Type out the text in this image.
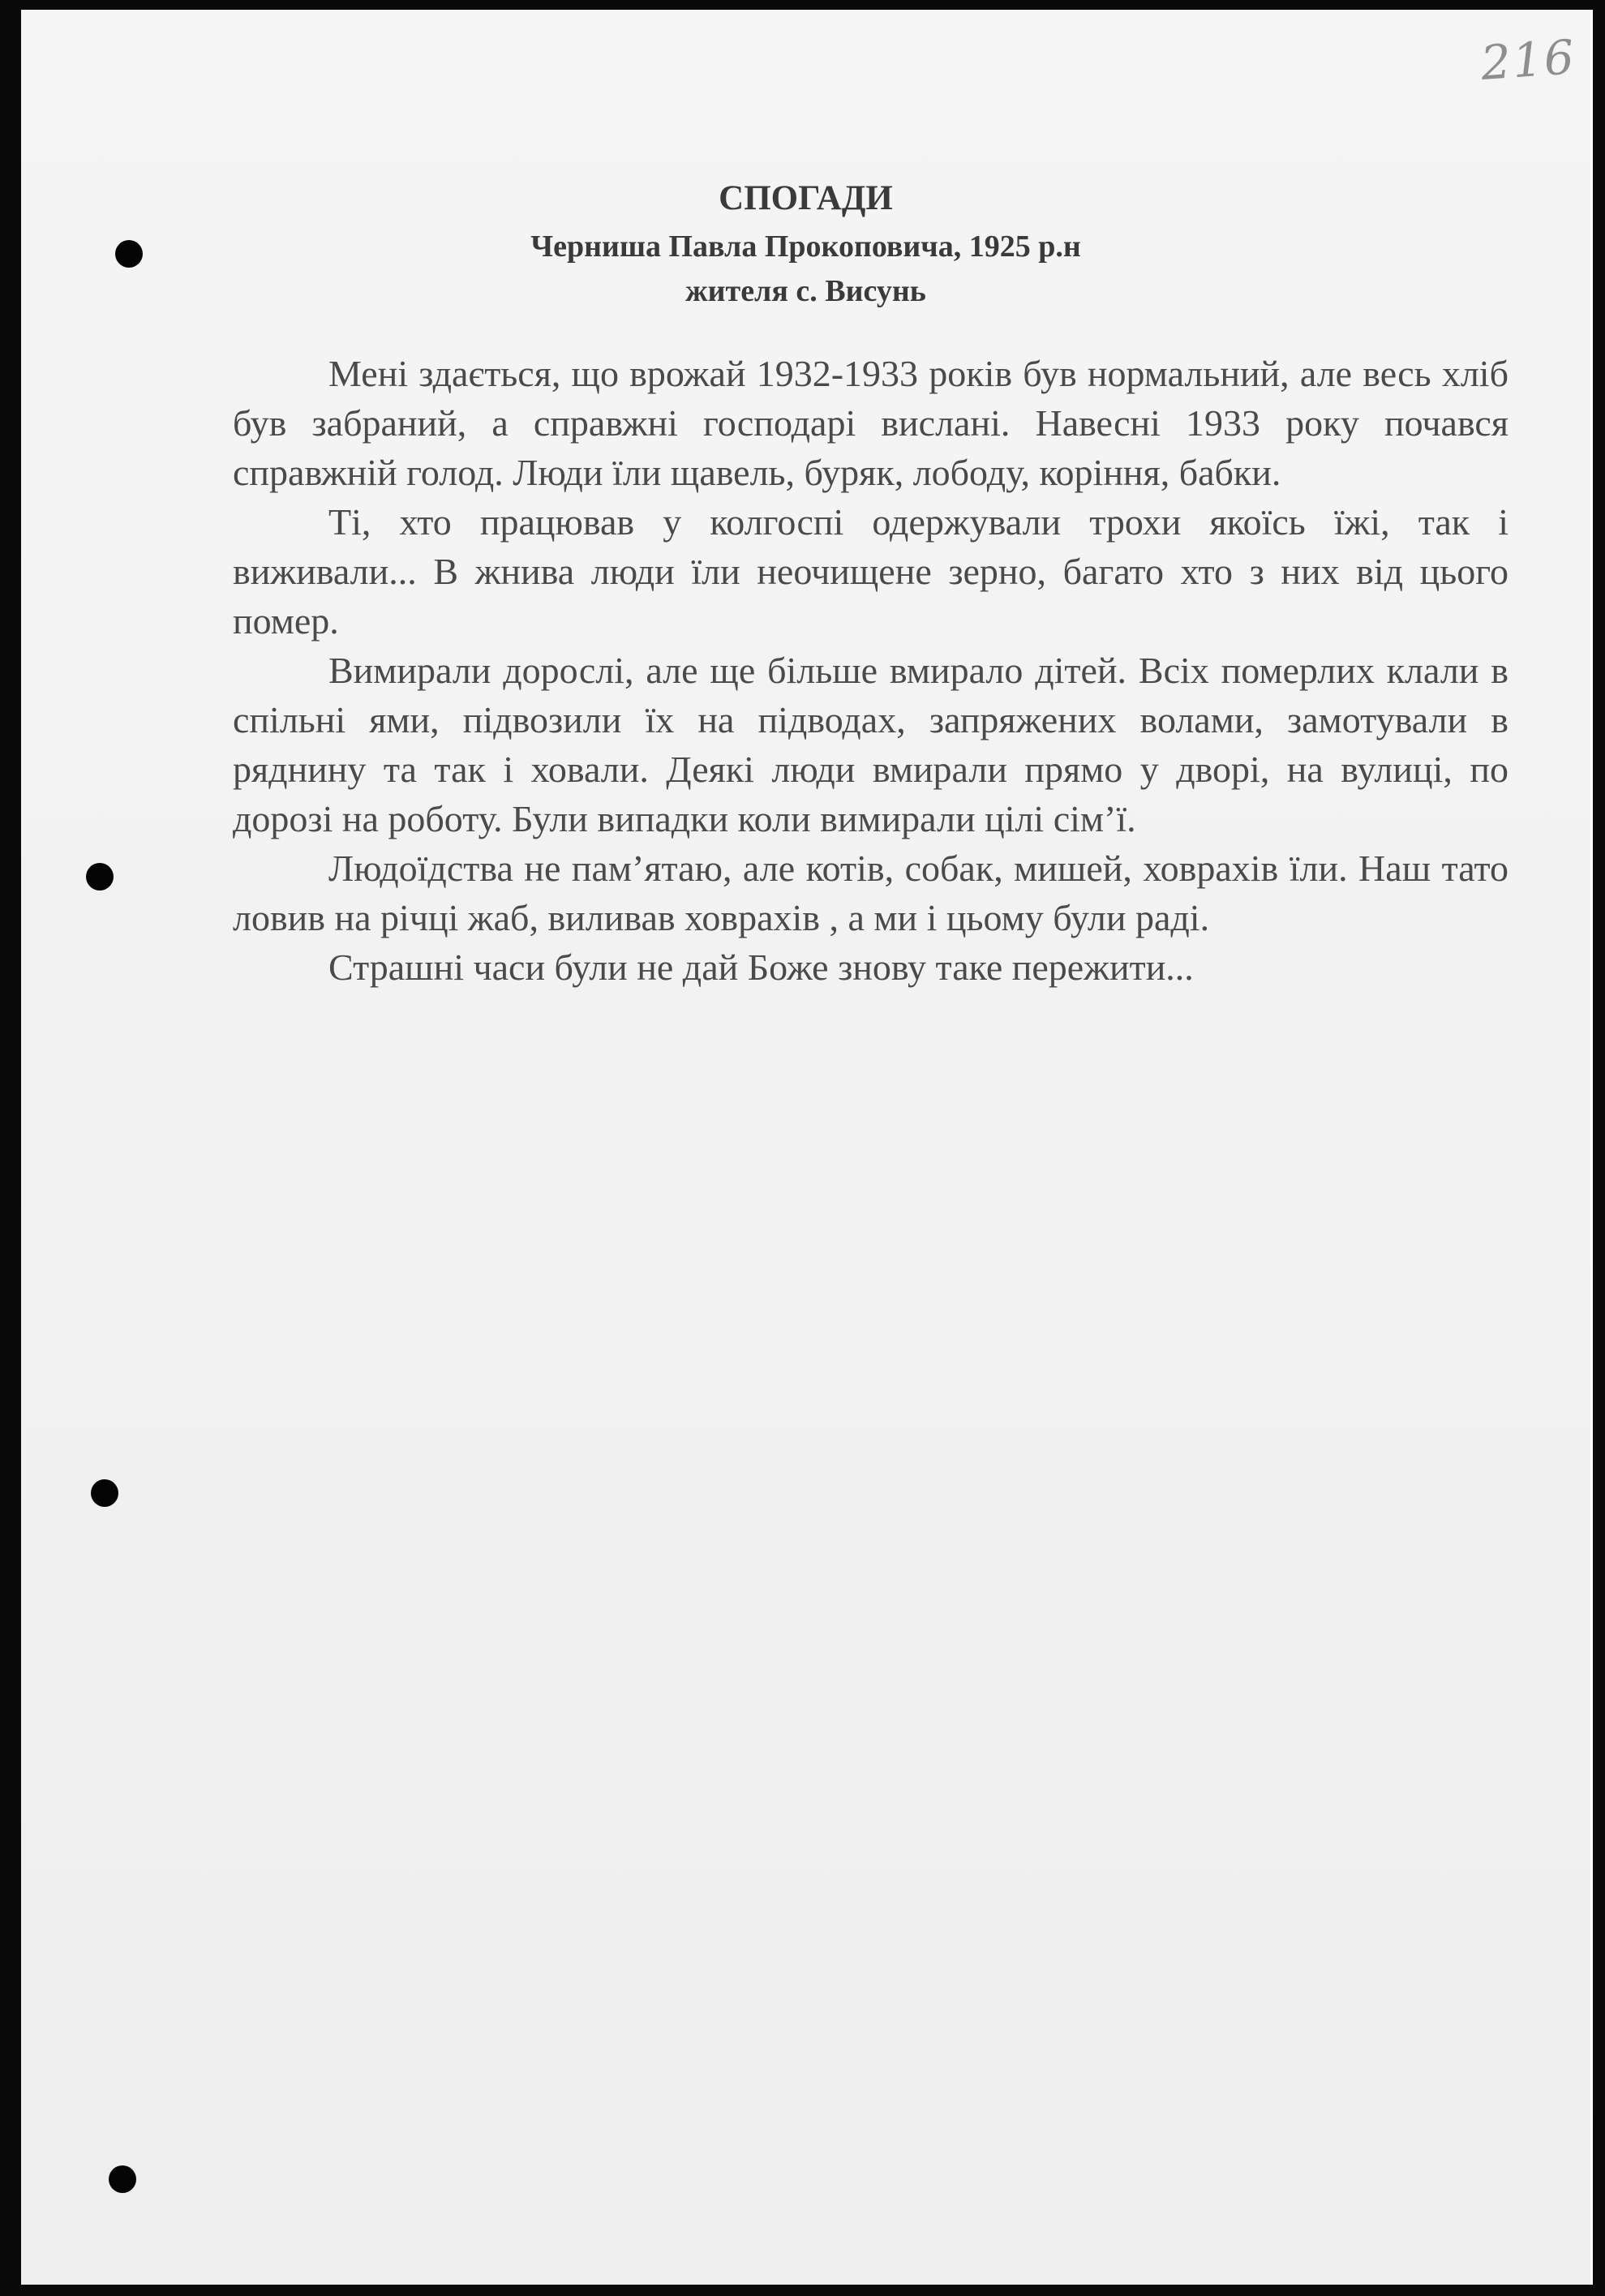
216
СПОГАДИ
Черниша Павла Прокоповича, 1925 р.н
жителя с. Висунь

Мені здається, що врожай 1932-1933 років був нормальний, але весь хліб був забраний, а справжні господарі вислані. Навесні 1933 року почався справжній голод. Люди їли щавель, буряк, лободу, коріння, бабки.

Ті, хто працював у колгоспі одержували трохи якоїсь їжі, так і виживали... В жнива люди їли неочищене зерно, багато хто з них від цього помер.

Вимирали дорослі, але ще більше вмирало дітей. Всіх померлих клали в спільні ями, підвозили їх на підводах, запряжених волами, замотували в ряднину та так і ховали. Деякі люди вмирали прямо у дворі, на вулиці, по дорозі на роботу. Були випадки коли вимирали цілі сім’ї.

Людоїдства не пам’ятаю, але котів, собак, мишей, ховрахів їли. Наш тато ловив на річці жаб, виливав ховрахів , а ми і цьому були раді.

Страшні часи були не дай Боже знову таке пережити...
